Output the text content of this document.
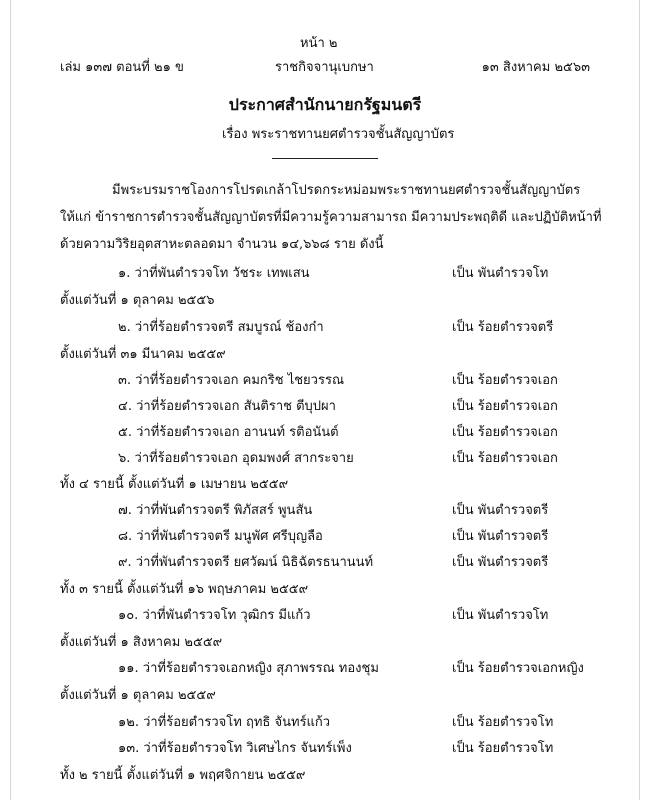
หน้า ๒
เล่ม ๑๓๗ ตอนที่ ๒๑ ข	ราชกิจจานุเบกษา	๑๓ สิงหาคม ๒๕๖๓
ประกาศสำนักนายกรัฐมนตรี
เรื่อง พระราชทานยศตำรวจชั้นสัญญาบัตร
มีพระบรมราชโองการโปรดเกล้าโปรดกระหม่อมพระราชทานยศตำรวจชั้นสัญญาบัตร
ให้แก่ ข้าราชการตำรวจชั้นสัญญาบัตรที่มีความรู้ความสามารถ มีความประพฤติดี และปฏิบัติหน้าที่
ด้วยความวิริยอุตสาหะตลอดมา จำนวน ๑๔,๖๖๘ ราย ดังนี้
๑. ว่าที่พันตำรวจโท วัชระ เทพเสน	เป็น พันตำรวจโท
ตั้งแต่วันที่ ๑ ตุลาคม ๒๕๕๖
๒. ว่าที่ร้อยตำรวจตรี สมบูรณ์ ช้องก๋า	เป็น ร้อยตำรวจตรี
ตั้งแต่วันที่ ๓๑ มีนาคม ๒๕๕๙
๓. ว่าที่ร้อยตำรวจเอก คมกริช ไชยวรรณ	เป็น ร้อยตำรวจเอก
๔. ว่าที่ร้อยตำรวจเอก สันติราช ตีบุปผา	เป็น ร้อยตำรวจเอก
๕. ว่าที่ร้อยตำรวจเอก อานนท์ รติอนันต์	เป็น ร้อยตำรวจเอก
๖. ว่าที่ร้อยตำรวจเอก อุดมพงศ์ สากระจาย	เป็น ร้อยตำรวจเอก
ทั้ง ๔ รายนี้ ตั้งแต่วันที่ ๑ เมษายน ๒๕๕๙
๗. ว่าที่พันตำรวจตรี พิภัสสร์ พูนสัน	เป็น พันตำรวจตรี
๘. ว่าที่พันตำรวจตรี มนูพัศ ศรีบุญลือ	เป็น พันตำรวจตรี
๙. ว่าที่พันตำรวจตรี ยศวัฒน์ นิธิฉัตรธนานนท์	เป็น พันตำรวจตรี
ทั้ง ๓ รายนี้ ตั้งแต่วันที่ ๑๖ พฤษภาคม ๒๕๕๙
๑๐. ว่าที่พันตำรวจโท วุฒิกร มีแก้ว	เป็น พันตำรวจโท
ตั้งแต่วันที่ ๑ สิงหาคม ๒๕๕๙
๑๑. ว่าที่ร้อยตำรวจเอกหญิง สุภาพรรณ ทองชุม	เป็น ร้อยตำรวจเอกหญิง
ตั้งแต่วันที่ ๑ ตุลาคม ๒๕๕๙
๑๒. ว่าที่ร้อยตำรวจโท ฤทธิ จันทร์แก้ว	เป็น ร้อยตำรวจโท
๑๓. ว่าที่ร้อยตำรวจโท วิเศษไกร จันทร์เพ็ง	เป็น ร้อยตำรวจโท
ทั้ง ๒ รายนี้ ตั้งแต่วันที่ ๑ พฤศจิกายน ๒๕๕๙
